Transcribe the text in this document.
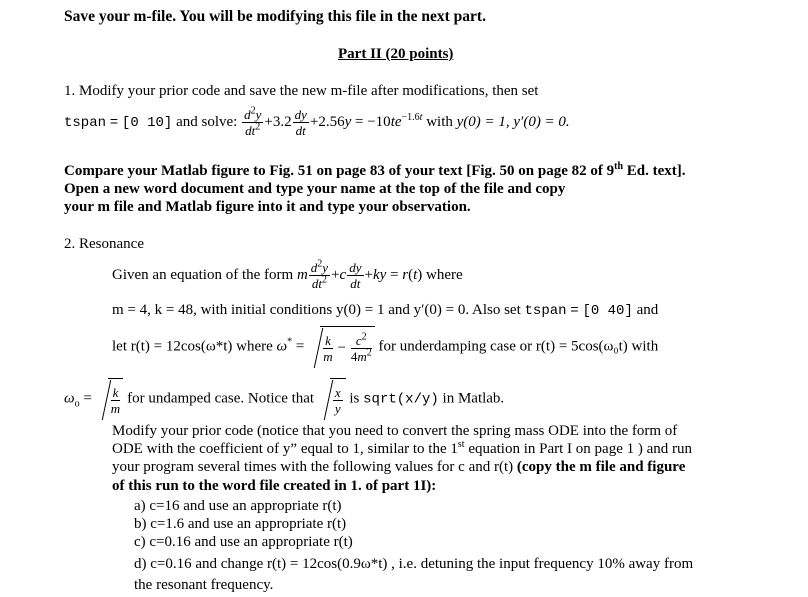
Save your m-file. You will be modifying this file in the next part.
Part II (20 points)
1. Modify your prior code and save the new m-file after modifications, then set
tspan = [0 10] and solve: $\frac{d^2y}{dt^2} +3.2 \frac{dy}{dt} +2.56y = -10te^{-1.6t}$ with y(0) = 1, y′(0) = 0.
Compare your Matlab figure to Fig. 51 on page 83 of your text [Fig. 50 on page 82 of 9th Ed. text].
Open a new word document and type your name at the top of the file and copy
your m file and Matlab figure into it and type your observation.
2. Resonance
Given an equation of the form m $\frac{d^2y}{dt^2} +c \frac{dy}{dt} +ky = r(t)$ where
m = 4, k = 48, with initial conditions y(0) = 1 and y′(0) = 0. Also set tspan = [0 40] and
let r(t) = 12cos(ω*t) where $\omega^* = \frac{k}{m} - \frac{c^2}{4m^2}$ for underdamping case or r(t) = 5cos(ω₀t) with
$\omega_o = \frac{k}{m}$ for undamped case. Notice that $\frac{x}{y}$ is sqrt(x/y) in Matlab.
Modify your prior code (notice that you need to convert the spring mass ODE into the form of
ODE with the coefficient of y” equal to 1, similar to the 1st equation in Part I on page 1 ) and run
your program several times with the following values for c and r(t) (copy the m file and figure
of this run to the word file created in 1. of part 1I):
a) c=16 and use an appropriate r(t)
b) c=1.6 and use an appropriate r(t)
c) c=0.16 and use an appropriate r(t)
d) c=0.16 and change r(t) = 12cos(0.9ω*t) , i.e. detuning the input frequency 10% away from
the resonant frequency.
